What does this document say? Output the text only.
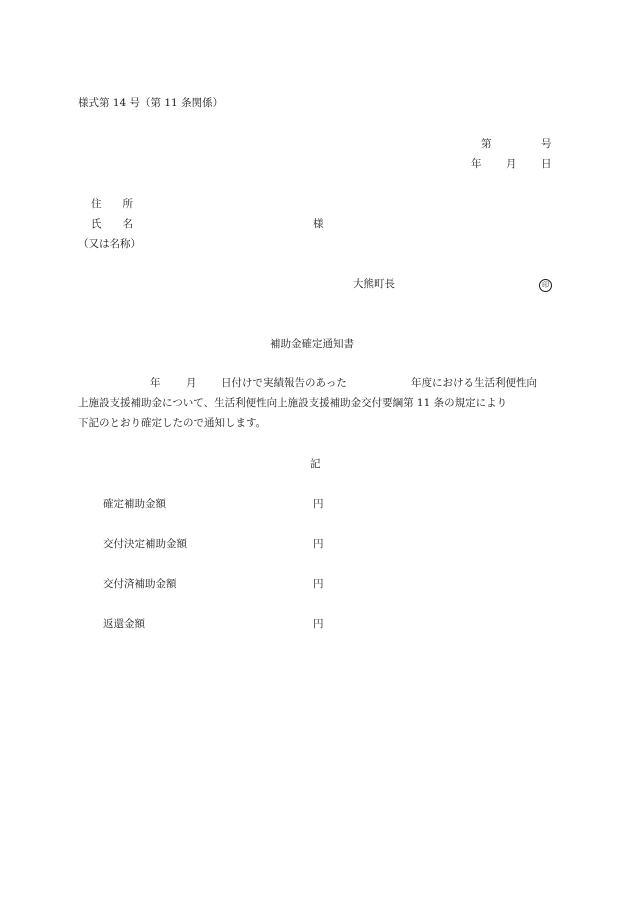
様式第 14 号（第 11 条関係）
第	号
年 月 日
住　　所
氏　　名	様
（又は名称）
大熊町長	印
補助金確定通知書
年 月 日付けで実績報告のあった	年度における生活利便性向
上施設支援補助金について、生活利便性向上施設支援補助金交付要綱第 11 条の規定により
下記のとおり確定したので通知します。
記
確定補助金額	円
交付決定補助金額	円
交付済補助金額	円
返還金額	円
